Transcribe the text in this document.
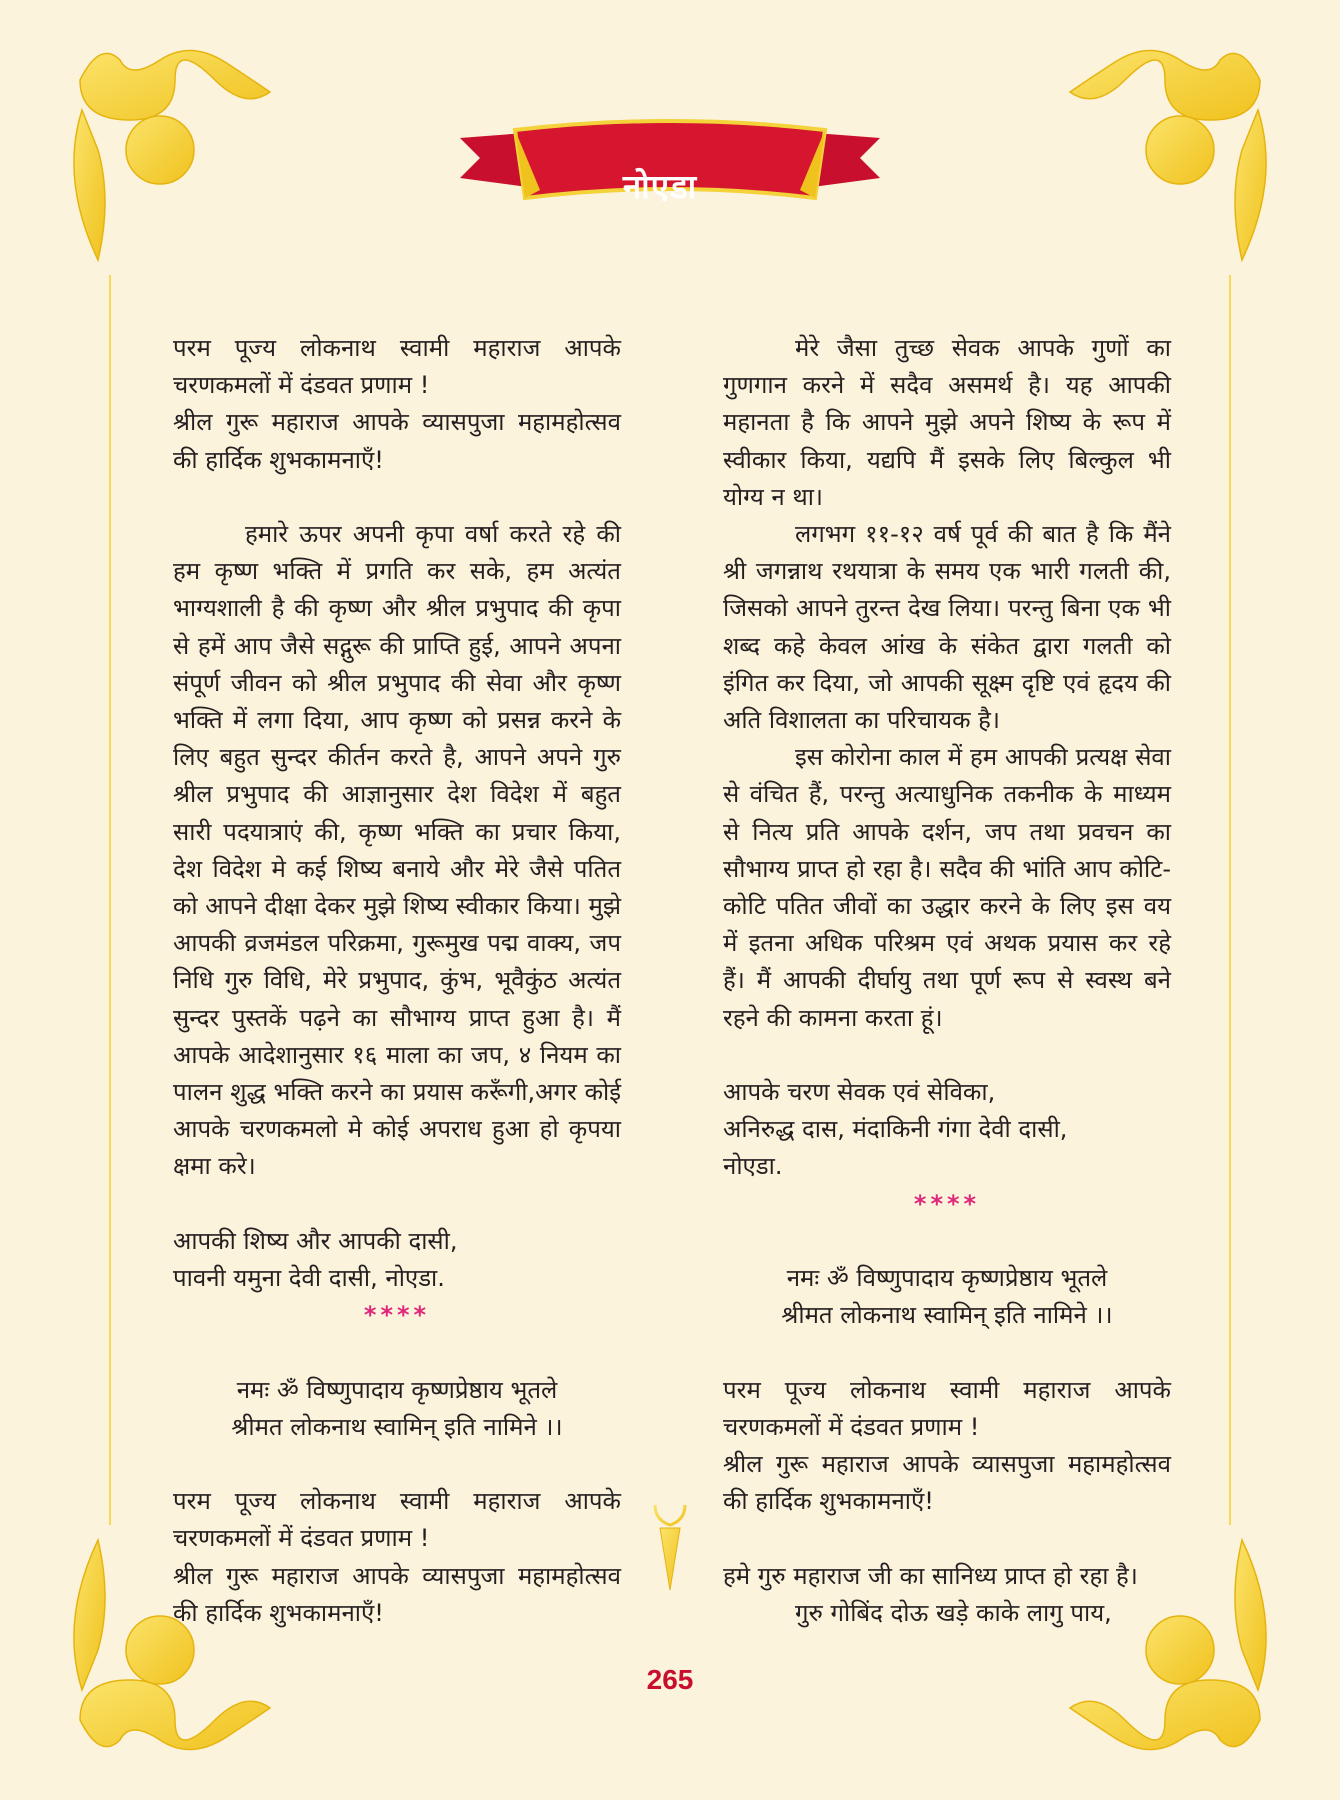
नोएडा

परम पूज्य लोकनाथ स्वामी महाराज आपके चरणकमलों में दंडवत प्रणाम !

श्रील गुरू महाराज आपके व्यासपुजा महामहोत्सव की हार्दिक शुभकामनाएँ!

हमारे ऊपर अपनी कृपा वर्षा करते रहे की हम कृष्ण भक्ति में प्रगति कर सके, हम अत्यंत भाग्यशाली है की कृष्ण और श्रील प्रभुपाद की कृपा से हमें आप जैसे सद्गुरू की प्राप्ति हुई, आपने अपना संपूर्ण जीवन को श्रील प्रभुपाद की सेवा और कृष्ण भक्ति में लगा दिया, आप कृष्ण को प्रसन्न करने के लिए बहुत सुन्दर कीर्तन करते है, आपने अपने गुरु श्रील प्रभुपाद की आज्ञानुसार देश विदेश में बहुत सारी पदयात्राएं की, कृष्ण भक्ति का प्रचार किया, देश विदेश मे कई शिष्य बनाये और मेरे जैसे पतित को आपने दीक्षा देकर मुझे शिष्य स्वीकार किया। मुझे आपकी व्रजमंडल परिक्रमा, गुरूमुख पद्म वाक्य, जप निधि गुरु विधि, मेरे प्रभुपाद, कुंभ, भूवैकुंठ अत्यंत सुन्दर पुस्तकें पढ़ने का सौभाग्य प्राप्त हुआ है। मैं आपके आदेशानुसार १६ माला का जप, ४ नियम का पालन शुद्ध भक्ति करने का प्रयास करूँगी,अगर कोई आपके चरणकमलो मे कोई अपराध हुआ हो कृपया क्षमा करे।

आपकी शिष्य और आपकी दासी,

पावनी यमुना देवी दासी, नोएडा.

****

नमः ॐ विष्णुपादाय कृष्णप्रेष्ठाय भूतले

श्रीमत लोकनाथ स्वामिन् इति नामिने ।।

परम पूज्य लोकनाथ स्वामी महाराज आपके चरणकमलों में दंडवत प्रणाम !

श्रील गुरू महाराज आपके व्यासपुजा महामहोत्सव की हार्दिक शुभकामनाएँ!

मेरे जैसा तुच्छ सेवक आपके गुणों का गुणगान करने में सदैव असमर्थ है। यह आपकी महानता है कि आपने मुझे अपने शिष्य के रूप में स्वीकार किया, यद्यपि मैं इसके लिए बिल्कुल भी योग्य न था।

लगभग ११-१२ वर्ष पूर्व की बात है कि मैंने श्री जगन्नाथ रथयात्रा के समय एक भारी गलती की, जिसको आपने तुरन्त देख लिया। परन्तु बिना एक भी शब्द कहे केवल आंख के संकेत द्वारा गलती को इंगित कर दिया, जो आपकी सूक्ष्म दृष्टि एवं हृदय की अति विशालता का परिचायक है।

इस कोरोना काल में हम आपकी प्रत्यक्ष सेवा से वंचित हैं, परन्तु अत्याधुनिक तकनीक के माध्यम से नित्य प्रति आपके दर्शन, जप तथा प्रवचन का सौभाग्य प्राप्त हो रहा है। सदैव की भांति आप कोटि-कोटि पतित जीवों का उद्धार करने के लिए इस वय में इतना अधिक परिश्रम एवं अथक प्रयास कर रहे हैं। मैं आपकी दीर्घायु तथा पूर्ण रूप से स्वस्थ बने रहने की कामना करता हूं।

आपके चरण सेवक एवं सेविका,

अनिरुद्ध दास, मंदाकिनी गंगा देवी दासी,

नोएडा.

****

नमः ॐ विष्णुपादाय कृष्णप्रेष्ठाय भूतले

श्रीमत लोकनाथ स्वामिन् इति नामिने ।।

परम पूज्य लोकनाथ स्वामी महाराज आपके चरणकमलों में दंडवत प्रणाम !

श्रील गुरू महाराज आपके व्यासपुजा महामहोत्सव की हार्दिक शुभकामनाएँ!

हमे गुरु महाराज जी का सानिध्य प्राप्त हो रहा है।

गुरु गोबिंद दोऊ खड़े काके लागु पाय,

265
